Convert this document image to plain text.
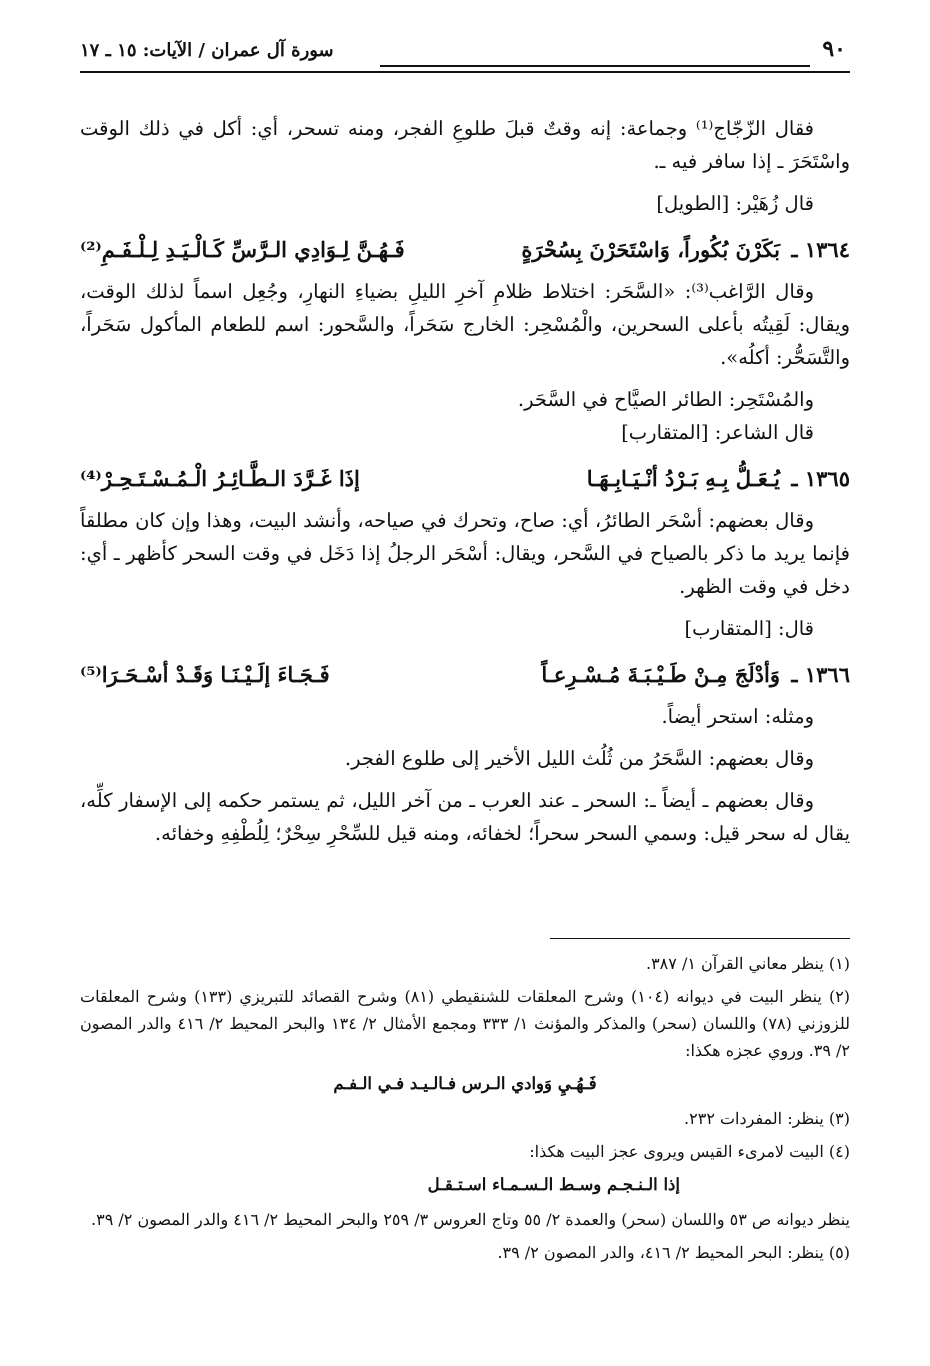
٩٠
سورة آل عمران / الآيات: ١٥ ـ ١٧

فقال الزّجّاج⁽¹⁾ وجماعة: إنه وقتٌ قبلَ طلوعِ الفجر، ومنه تسحر، أي: أكل في ذلك الوقت واسْتَحَرَ ـ إذا سافر فيه ـ.

قال زُهَيْر: [الطويل]

١٣٦٤ ـ
بَكَرْنَ بُكُوراً، وَاسْتَحَرْنَ بِسُحْرَةٍ
فَـهُـنَّ لِـوَادِي الـرَّسِّ كَـالْـيَـدِ لِـلْـفَـمِ⁽²⁾

وقال الرَّاغب⁽³⁾: «السَّحَر: اختلاط ظلامِ آخرِ الليلِ بضياءِ النهارِ، وجُعِل اسماً لذلك الوقت، ويقال: لَقِيتُه بأعلى السحرين، والْمُسْحِر: الخارج سَحَراً، والسَّحور: اسم للطعام المأكول سَحَراً، والتَّسَحُّر: أكلُه».

والمُسْتَحِر: الطائر الصيَّاح في السَّحَر.

قال الشاعر: [المتقارب]

١٣٦٥ ـ
يُـعَـلُّ بِـهِ بَـرْدُ أنْـيَـابِـهَـا
إذَا غَـرَّدَ الـطَّـائِـرُ الْـمُـسْـتَـحِـرْ⁽⁴⁾

وقال بعضهم: أسْحَر الطائرُ، أي: صاح، وتحرك في صياحه، وأنشد البيت، وهذا وإن كان مطلقاً فإنما يريد ما ذكر بالصياح في السَّحر، ويقال: أسْحَر الرجلُ إذا دَخَل في وقت السحر كأظهر ـ أي: دخل في وقت الظهر.

قال: [المتقارب]

١٣٦٦ ـ
وَأدْلَجَ مِـنْ طَـيْـبَـةَ مُـسْـرِعـاً
فَـجَـاءَ إلَـيْـنَـا وَقَـدْ أسْـحَـرَا⁽⁵⁾

ومثله: استحر أيضاً.

وقال بعضهم: السَّحَرُ من ثُلُث الليل الأخير إلى طلوع الفجر.

وقال بعضهم ـ أيضاً ـ: السحر ـ عند العرب ـ من آخر الليل، ثم يستمر حكمه إلى الإسفار كلِّه، يقال له سحر قيل: وسمي السحر سحراً؛ لخفائه، ومنه قيل للسِّحْرِ سِحْرٌ؛ لِلُطْفِهِ وخفائه.

(١) ينظر معاني القرآن ١/ ٣٨٧.

(٢) ينظر البيت في ديوانه (١٠٤) وشرح المعلقات للشنقيطي (٨١) وشرح القصائد للتبريزي (١٣٣) وشرح المعلقات للزوزني (٧٨) واللسان (سحر) والمذكر والمؤنث ١/ ٣٣٣ ومجمع الأمثال ٢/ ١٣٤ والبحر المحيط ٢/ ٤١٦ والدر المصون ٢/ ٣٩. وروي عجزه هكذا:

فَـهُـيِ وَوادي الـرس فـالـيـد فـي الـفـم

(٣) ينظر: المفردات ٢٣٢.

(٤) البيت لامرىء القيس ويروى عجز البيت هكذا:

إذا الـنـجـم وسـط الـسـمـاء اسـتـقـل

ينظر ديوانه ص ٥٣ واللسان (سحر) والعمدة ٢/ ٥٥ وتاج العروس ٣/ ٢٥٩ والبحر المحيط ٢/ ٤١٦ والدر المصون ٢/ ٣٩.

(٥) ينظر: البحر المحيط ٢/ ٤١٦، والدر المصون ٢/ ٣٩.
